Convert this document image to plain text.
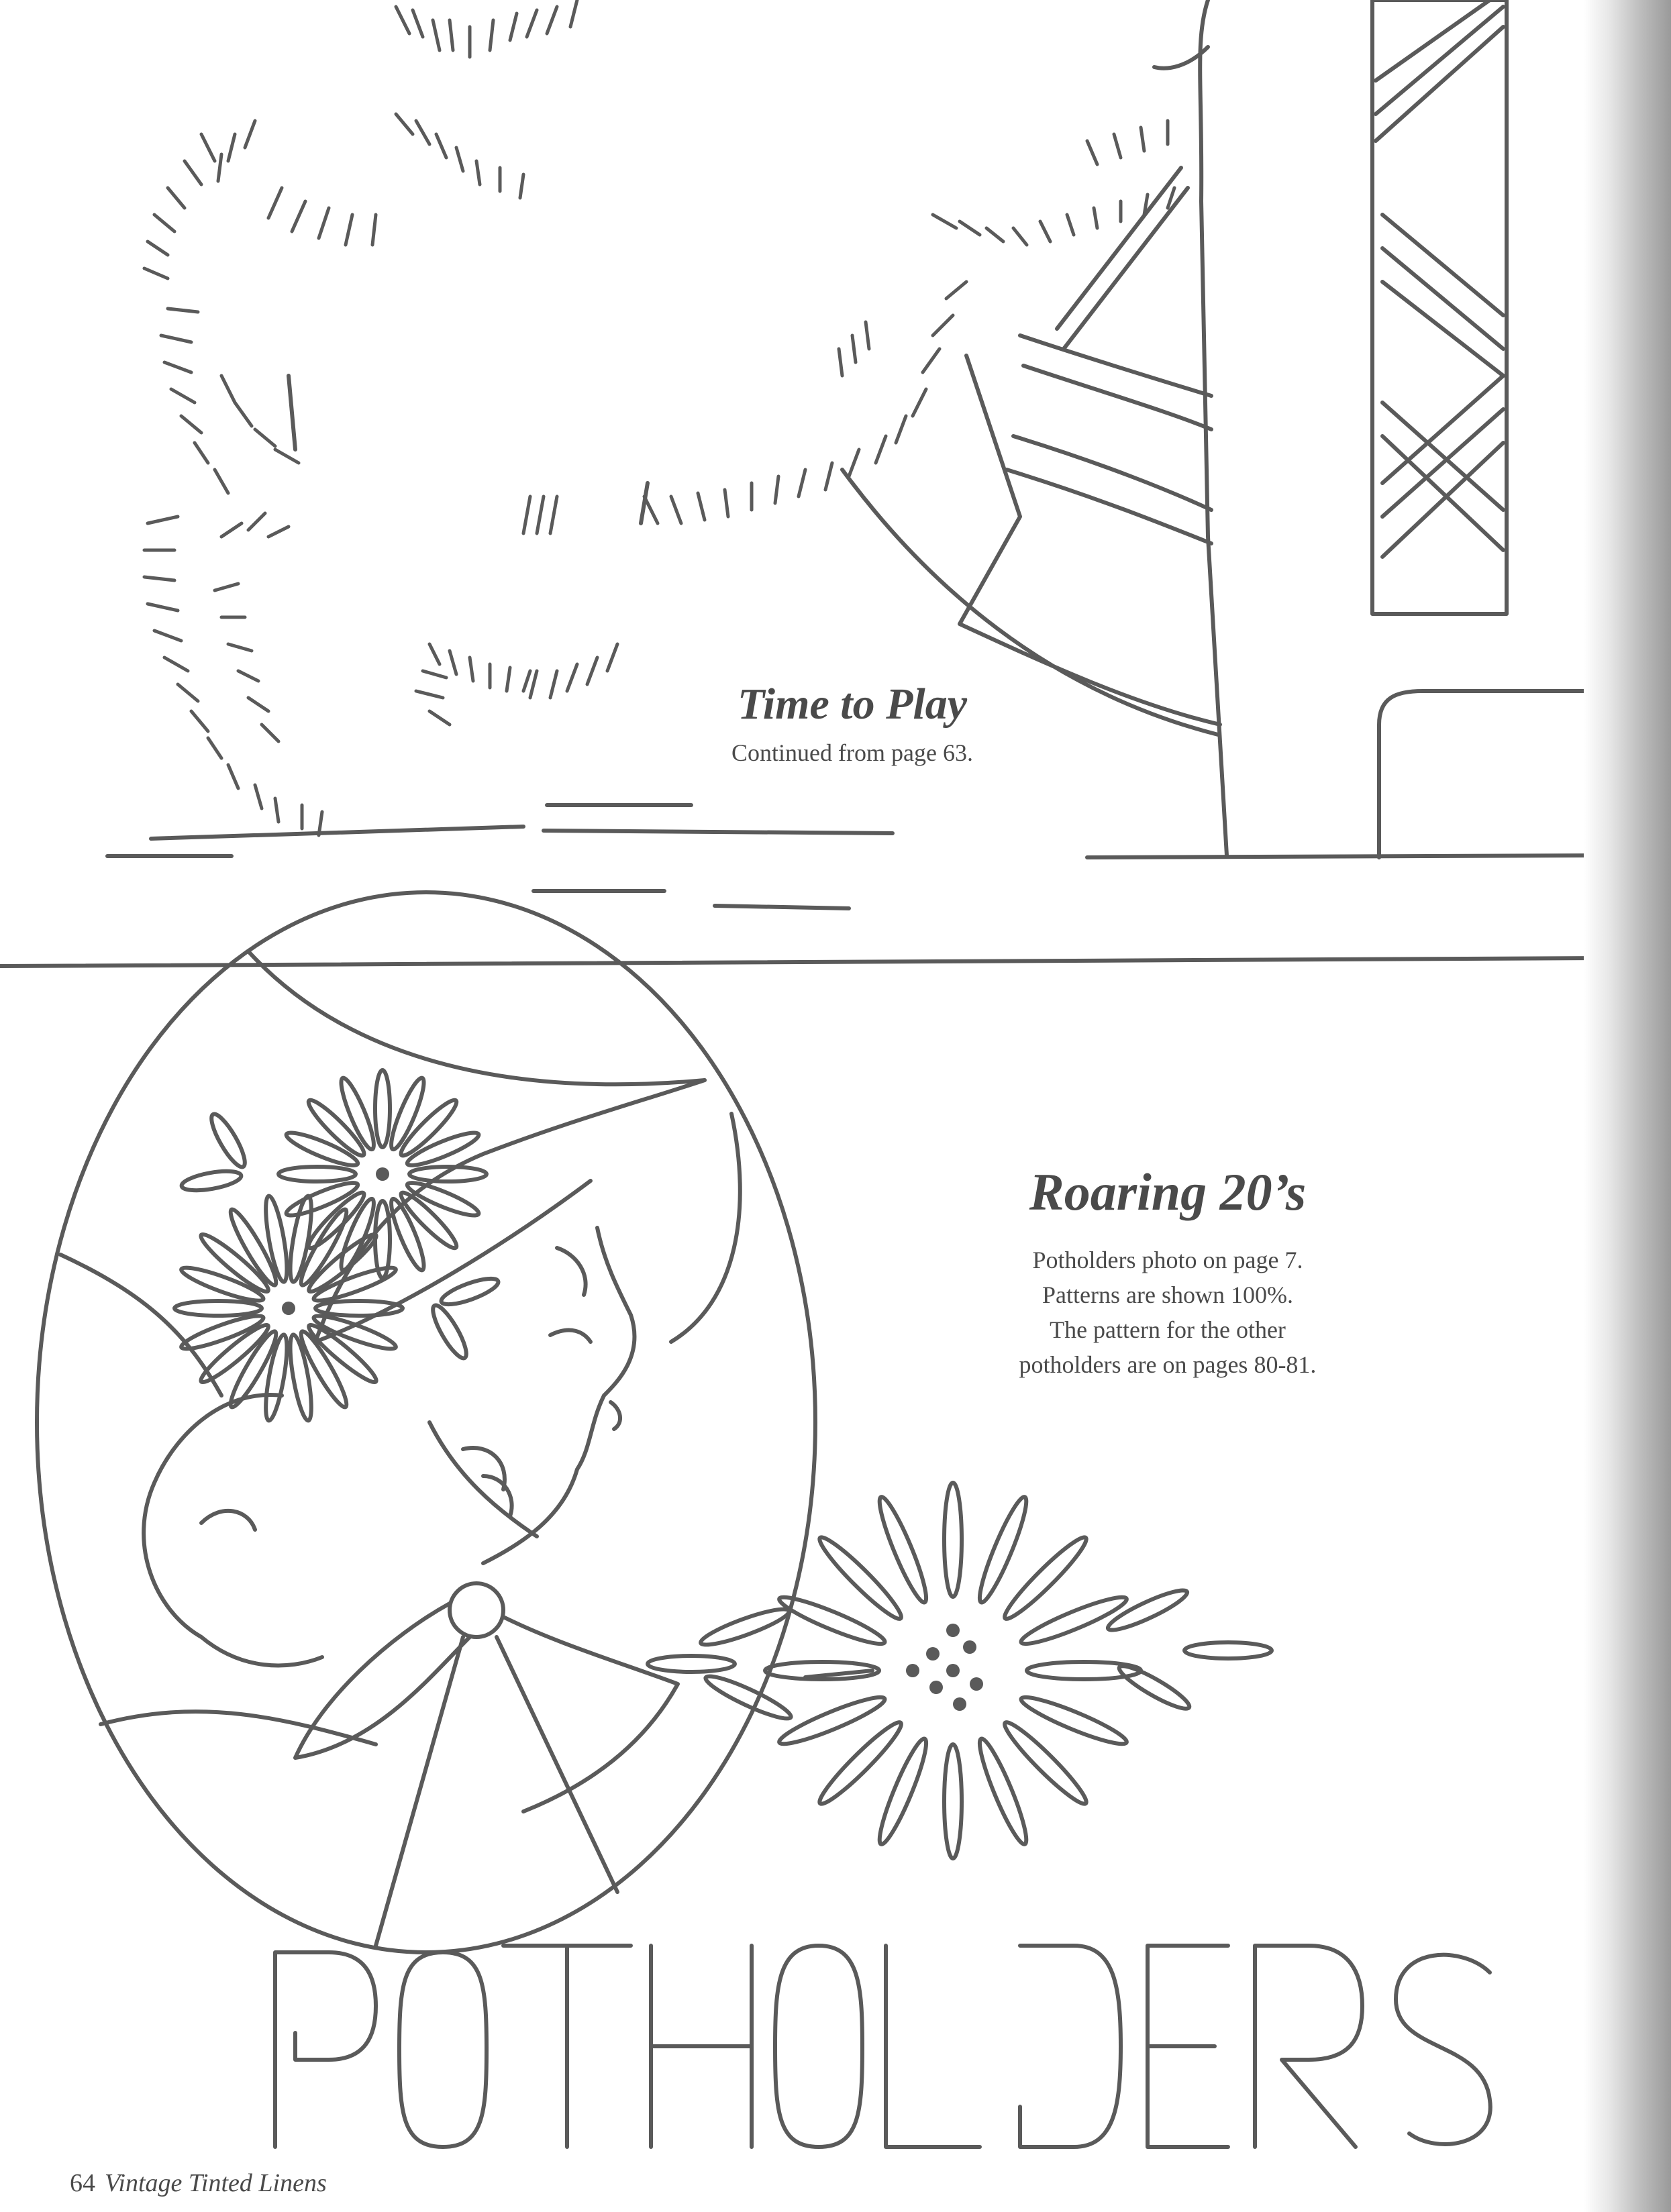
Time to Play

Continued from page 63.

Roaring 20’s
Potholders photo on page 7.
Patterns are shown 100%.
The pattern for the other
potholders are on pages 80-81.

64 Vintage Tinted Linens
